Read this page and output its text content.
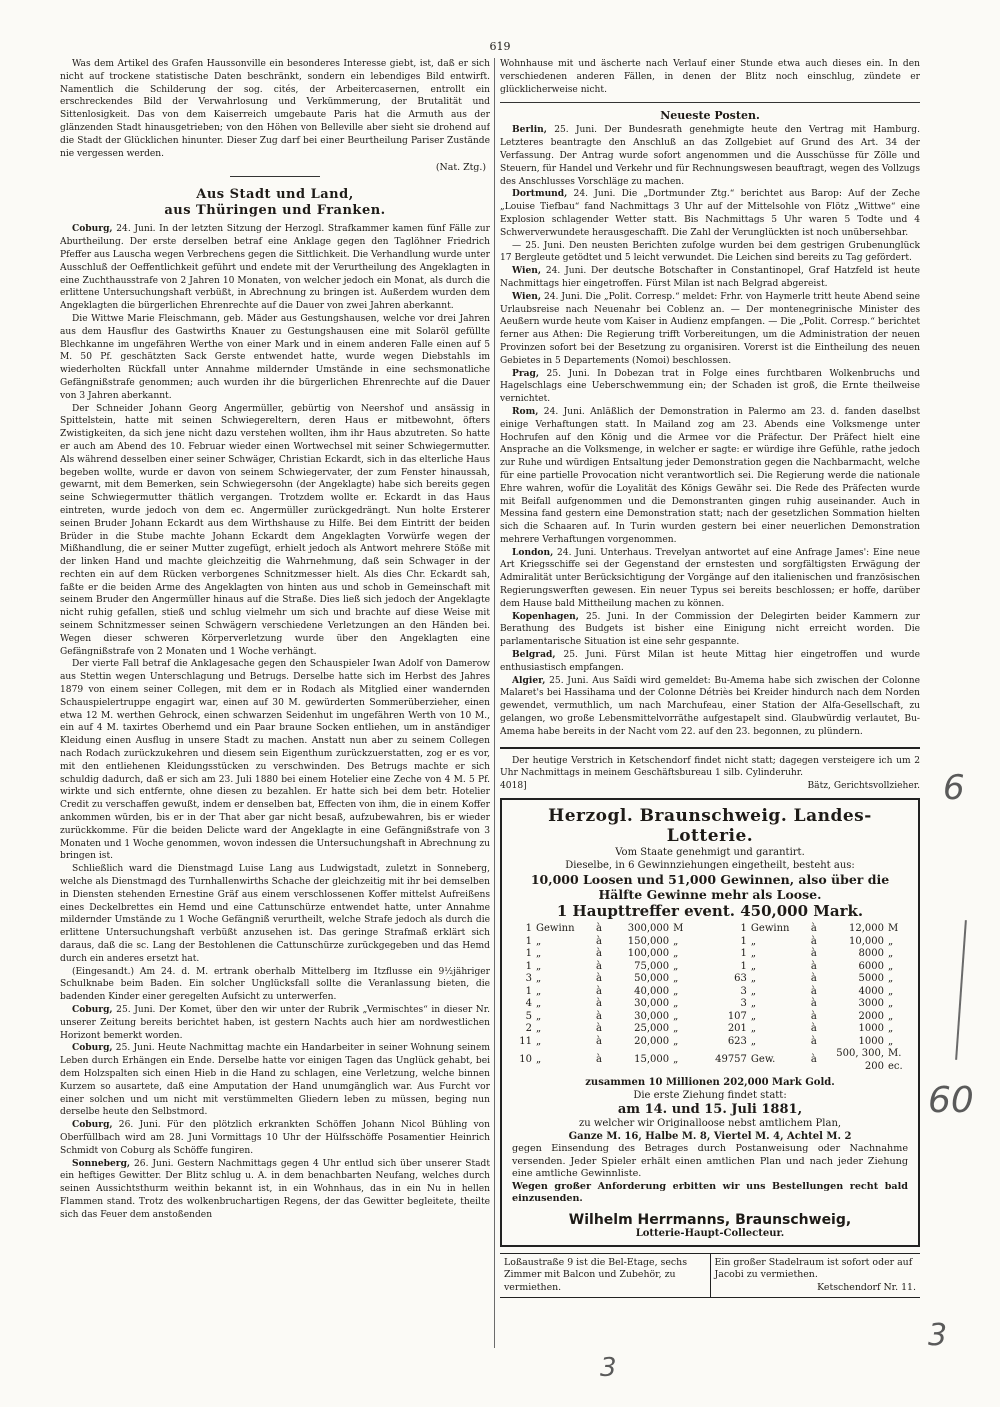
619

Was dem Artikel des Grafen Haussonville ein besonderes Interesse giebt, ist, daß er sich nicht auf trockene statistische Daten beschränkt, sondern ein lebendiges Bild entwirft. Namentlich die Schilderung der sog. cités, der Arbeitercasernen, entrollt ein erschreckendes Bild der Verwahrlosung und Verkümmerung, der Brutalität und Sittenlosigkeit. Das von dem Kaiserreich umgebaute Paris hat die Armuth aus der glänzenden Stadt hinausgetrieben; von den Höhen von Belleville aber sieht sie drohend auf die Stadt der Glücklichen hinunter. Dieser Zug darf bei einer Beurtheilung Pariser Zustände nie vergessen werden.

(Nat. Ztg.)
Aus Stadt und Land,
aus Thüringen und Franken.

Coburg, 24. Juni. In der letzten Sitzung der Herzogl. Strafkammer kamen fünf Fälle zur Aburtheilung. Der erste derselben betraf eine Anklage gegen den Taglöhner Friedrich Pfeffer aus Lauscha wegen Verbrechens gegen die Sittlichkeit. Die Verhandlung wurde unter Ausschluß der Oeffentlichkeit geführt und endete mit der Verurtheilung des Angeklagten in eine Zuchthausstrafe von 2 Jahren 10 Monaten, von welcher jedoch ein Monat, als durch die erlittene Untersuchungshaft verbüßt, in Abrechnung zu bringen ist. Außerdem wurden dem Angeklagten die bürgerlichen Ehrenrechte auf die Dauer von zwei Jahren aberkannt.

Die Wittwe Marie Fleischmann, geb. Mäder aus Gestungshausen, welche vor drei Jahren aus dem Hausflur des Gastwirths Knauer zu Gestungshausen eine mit Solaröl gefüllte Blechkanne im ungefähren Werthe von einer Mark und in einem anderen Falle einen auf 5 M. 50 Pf. geschätzten Sack Gerste entwendet hatte, wurde wegen Diebstahls im wiederholten Rückfall unter Annahme mildernder Umstände in eine sechsmonatliche Gefängnißstrafe genommen; auch wurden ihr die bürgerlichen Ehrenrechte auf die Dauer von 3 Jahren aberkannt.

Der Schneider Johann Georg Angermüller, gebürtig von Neershof und ansässig in Spittelstein, hatte mit seinen Schwiegereltern, deren Haus er mitbewohnt, öfters Zwistigkeiten, da sich jene nicht dazu verstehen wollten, ihm ihr Haus abzutreten. So hatte er auch am Abend des 10. Februar wieder einen Wortwechsel mit seiner Schwiegermutter. Als während desselben einer seiner Schwäger, Christian Eckardt, sich in das elterliche Haus begeben wollte, wurde er davon von seinem Schwiegervater, der zum Fenster hinaussah, gewarnt, mit dem Bemerken, sein Schwiegersohn (der Angeklagte) habe sich bereits gegen seine Schwiegermutter thätlich vergangen. Trotzdem wollte er. Eckardt in das Haus eintreten, wurde jedoch von dem ec. Angermüller zurückgedrängt. Nun holte Ersterer seinen Bruder Johann Eckardt aus dem Wirthshause zu Hilfe. Bei dem Eintritt der beiden Brüder in die Stube machte Johann Eckardt dem Angeklagten Vorwürfe wegen der Mißhandlung, die er seiner Mutter zugefügt, erhielt jedoch als Antwort mehrere Stöße mit der linken Hand und machte gleichzeitig die Wahrnehmung, daß sein Schwager in der rechten ein auf dem Rücken verborgenes Schnitzmesser hielt. Als dies Chr. Eckardt sah, faßte er die beiden Arme des Angeklagten von hinten aus und schob in Gemeinschaft mit seinem Bruder den Angermüller hinaus auf die Straße. Dies ließ sich jedoch der Angeklagte nicht ruhig gefallen, stieß und schlug vielmehr um sich und brachte auf diese Weise mit seinem Schnitzmesser seinen Schwägern verschiedene Verletzungen an den Händen bei. Wegen dieser schweren Körperverletzung wurde über den Angeklagten eine Gefängnißstrafe von 2 Monaten und 1 Woche verhängt.

Der vierte Fall betraf die Anklagesache gegen den Schauspieler Iwan Adolf von Damerow aus Stettin wegen Unterschlagung und Betrugs. Derselbe hatte sich im Herbst des Jahres 1879 von einem seiner Collegen, mit dem er in Rodach als Mitglied einer wandernden Schauspielertruppe engagirt war, einen auf 30 M. gewürderten Sommerüberzieher, einen etwa 12 M. werthen Gehrock, einen schwarzen Seidenhut im ungefähren Werth von 10 M., ein auf 4 M. taxirtes Oberhemd und ein Paar braune Socken entliehen, um in anständiger Kleidung einen Ausflug in unsere Stadt zu machen. Anstatt nun aber zu seinem Collegen nach Rodach zurückzukehren und diesem sein Eigenthum zurückzuerstatten, zog er es vor, mit den entliehenen Kleidungsstücken zu verschwinden. Des Betrugs machte er sich schuldig dadurch, daß er sich am 23. Juli 1880 bei einem Hotelier eine Zeche von 4 M. 5 Pf. wirkte und sich entfernte, ohne diesen zu bezahlen. Er hatte sich bei dem betr. Hotelier Credit zu verschaffen gewußt, indem er denselben bat, Effecten von ihm, die in einem Koffer ankommen würden, bis er in der That aber gar nicht besaß, aufzubewahren, bis er wieder zurückkomme. Für die beiden Delicte ward der Angeklagte in eine Gefängnißstrafe von 3 Monaten und 1 Woche genommen, wovon indessen die Untersuchungshaft in Abrechnung zu bringen ist.

Schließlich ward die Dienstmagd Luise Lang aus Ludwigstadt, zuletzt in Sonneberg, welche als Dienstmagd des Turnhallenwirths Schache der gleichzeitig mit ihr bei demselben in Diensten stehenden Ernestine Gräf aus einem verschlossenen Koffer mittelst Aufreißens eines Deckelbrettes ein Hemd und eine Cattunschürze entwendet hatte, unter Annahme mildernder Umstände zu 1 Woche Gefängniß verurtheilt, welche Strafe jedoch als durch die erlittene Untersuchungshaft verbüßt anzusehen ist. Das geringe Strafmaß erklärt sich daraus, daß die sc. Lang der Bestohlenen die Cattunschürze zurückgegeben und das Hemd durch ein anderes ersetzt hat.

(Eingesandt.) Am 24. d. M. ertrank oberhalb Mittelberg im Itzflusse ein 9½jähriger Schulknabe beim Baden. Ein solcher Unglücksfall sollte die Veranlassung bieten, die badenden Kinder einer geregelten Aufsicht zu unterwerfen.

Coburg, 25. Juni. Der Komet, über den wir unter der Rubrik „Vermischtes“ in dieser Nr. unserer Zeitung bereits berichtet haben, ist gestern Nachts auch hier am nordwestlichen Horizont bemerkt worden.

Coburg, 25. Juni. Heute Nachmittag machte ein Handarbeiter in seiner Wohnung seinem Leben durch Erhängen ein Ende. Derselbe hatte vor einigen Tagen das Unglück gehabt, bei dem Holzspalten sich einen Hieb in die Hand zu schlagen, eine Verletzung, welche binnen Kurzem so ausartete, daß eine Amputation der Hand unumgänglich war. Aus Furcht vor einer solchen und um nicht mit verstümmelten Gliedern leben zu müssen, beging nun derselbe heute den Selbstmord.

Coburg, 26. Juni. Für den plötzlich erkrankten Schöffen Johann Nicol Bühling von Oberfüllbach wird am 28. Juni Vormittags 10 Uhr der Hülfsschöffe Posamentier Heinrich Schmidt von Coburg als Schöffe fungiren.

Sonneberg, 26. Juni. Gestern Nachmittags gegen 4 Uhr entlud sich über unserer Stadt ein heftiges Gewitter. Der Blitz schlug u. A. in dem benachbarten Neufang, welches durch seinen Aussichtsthurm weithin bekannt ist, in ein Wohnhaus, das in ein Nu in hellen Flammen stand. Trotz des wolkenbruchartigen Regens, der das Gewitter begleitete, theilte sich das Feuer dem anstoßenden

Wohnhause mit und äscherte nach Verlauf einer Stunde etwa auch dieses ein. In den verschiedenen anderen Fällen, in denen der Blitz noch einschlug, zündete er glücklicherweise nicht.

Neueste Posten.

Berlin, 25. Juni. Der Bundesrath genehmigte heute den Vertrag mit Hamburg. Letzteres beantragte den Anschluß an das Zollgebiet auf Grund des Art. 34 der Verfassung. Der Antrag wurde sofort angenommen und die Ausschüsse für Zölle und Steuern, für Handel und Verkehr und für Rechnungswesen beauftragt, wegen des Vollzugs des Anschlusses Vorschläge zu machen.

Dortmund, 24. Juni. Die „Dortmunder Ztg.“ berichtet aus Barop: Auf der Zeche „Louise Tiefbau“ fand Nachmittags 3 Uhr auf der Mittelsohle von Flötz „Wittwe“ eine Explosion schlagender Wetter statt. Bis Nachmittags 5 Uhr waren 5 Todte und 4 Schwerverwundete herausgeschafft. Die Zahl der Verunglückten ist noch unübersehbar.

— 25. Juni. Den neusten Berichten zufolge wurden bei dem gestrigen Grubenunglück 17 Bergleute getödtet und 5 leicht verwundet. Die Leichen sind bereits zu Tag gefördert.

Wien, 24. Juni. Der deutsche Botschafter in Constantinopel, Graf Hatzfeld ist heute Nachmittags hier eingetroffen. Fürst Milan ist nach Belgrad abgereist.

Wien, 24. Juni. Die „Polit. Corresp.“ meldet: Frhr. von Haymerle tritt heute Abend seine Urlaubsreise nach Neuenahr bei Coblenz an. — Der montenegrinische Minister des Aeußern wurde heute vom Kaiser in Audienz empfangen. — Die „Polit. Corresp.“ berichtet ferner aus Athen: Die Regierung trifft Vorbereitungen, um die Administration der neuen Provinzen sofort bei der Besetzung zu organisiren. Vorerst ist die Eintheilung des neuen Gebietes in 5 Departements (Nomoi) beschlossen.

Prag, 25. Juni. In Dobezan trat in Folge eines furchtbaren Wolkenbruchs und Hagelschlags eine Ueberschwemmung ein; der Schaden ist groß, die Ernte theilweise vernichtet.

Rom, 24. Juni. Anläßlich der Demonstration in Palermo am 23. d. fanden daselbst einige Verhaftungen statt. In Mailand zog am 23. Abends eine Volksmenge unter Hochrufen auf den König und die Armee vor die Präfectur. Der Präfect hielt eine Ansprache an die Volksmenge, in welcher er sagte: er würdige ihre Gefühle, rathe jedoch zur Ruhe und würdigen Entsaltung jeder Demonstration gegen die Nachbarmacht, welche für eine partielle Provocation nicht verantwortlich sei. Die Regierung werde die nationale Ehre wahren, wofür die Loyalität des Königs Gewähr sei. Die Rede des Präfecten wurde mit Beifall aufgenommen und die Demonstranten gingen ruhig auseinander. Auch in Messina fand gestern eine Demonstration statt; nach der gesetzlichen Sommation hielten sich die Schaaren auf. In Turin wurden gestern bei einer neuerlichen Demonstration mehrere Verhaftungen vorgenommen.

London, 24. Juni. Unterhaus. Trevelyan antwortet auf eine Anfrage James': Eine neue Art Kriegsschiffe sei der Gegenstand der ernstesten und sorgfältigsten Erwägung der Admiralität unter Berücksichtigung der Vorgänge auf den italienischen und französischen Regierungswerften gewesen. Ein neuer Typus sei bereits beschlossen; er hoffe, darüber dem Hause bald Mittheilung machen zu können.

Kopenhagen, 25. Juni. In der Commission der Delegirten beider Kammern zur Berathung des Budgets ist bisher eine Einigung nicht erreicht worden. Die parlamentarische Situation ist eine sehr gespannte.

Belgrad, 25. Juni. Fürst Milan ist heute Mittag hier eingetroffen und wurde enthusiastisch empfangen.

Algier, 25. Juni. Aus Saïdi wird gemeldet: Bu-Amema habe sich zwischen der Colonne Malaret's bei Hassihama und der Colonne Détriès bei Kreider hindurch nach dem Norden gewendet, vermuthlich, um nach Marchufeau, einer Station der Alfa-Gesellschaft, zu gelangen, wo große Lebensmittelvorräthe aufgestapelt sind. Glaubwürdig verlautet, Bu-Amema habe bereits in der Nacht vom 22. auf den 23. begonnen, zu plündern.

Der heutige Verstrich in Ketschendorf findet nicht statt; dagegen versteigere ich um 2 Uhr Nachmittags in meinem Geschäftsbureau 1 silb. Cylinderuhr.

4018]	Bätz, Gerichtsvollzieher.
Herzogl. Braunschweig. Landes-Lotterie.
Vom Staate genehmigt und garantirt.
Dieselbe, in 6 Gewinnziehungen eingetheilt, besteht aus:
10,000 Loosen und 51,000 Gewinnen, also über die
Hälfte Gewinne mehr als Loose.
1 Haupttreffer event. 450,000 Mark.
1	Gewinn	à	300,000	M		1	Gewinn	à	12,000	M
1	„	à	150,000	„		1	„	à	10,000	„
1	„	à	100,000	„		1	„	à	8000	„
1	„	à	75,000	„		1	„	à	6000	„
3	„	à	50,000	„		63	„	à	5000	„
1	„	à	40,000	„		3	„	à	4000	„
4	„	à	30,000	„		3	„	à	3000	„
5	„	à	30,000	„		107	„	à	2000	„
2	„	à	25,000	„		201	„	à	1000	„
11	„	à	20,000	„		623	„	à	1000	„
10	„	à	15,000	„		49757	Gew.	à	500, 300, 200	M. ec.
zusammen 10 Millionen 202,000 Mark Gold.
Die erste Ziehung findet statt:
am 14. und 15. Juli 1881,
zu welcher wir Originalloose nebst amtlichem Plan,
Ganze M. 16, Halbe M. 8, Viertel M. 4, Achtel M. 2
gegen Einsendung des Betrages durch Postanweisung oder Nachnahme versenden. Jeder Spieler erhält einen amtlichen Plan und nach jeder Ziehung eine amtliche Gewinnliste.
Wegen großer Anforderung erbitten wir uns Bestellungen recht bald einzusenden.
Wilhelm Herrmanns, Braunschweig,
Lotterie-Haupt-Collecteur.
Loßaustraße 9 ist die Bel-Etage, sechs Zimmer mit Balcon und Zubehör, zu vermiethen.
Ein großer Stadelraum ist sofort oder auf Jacobi zu vermiethen.
Ketschendorf Nr. 11.
6
60
3
3
